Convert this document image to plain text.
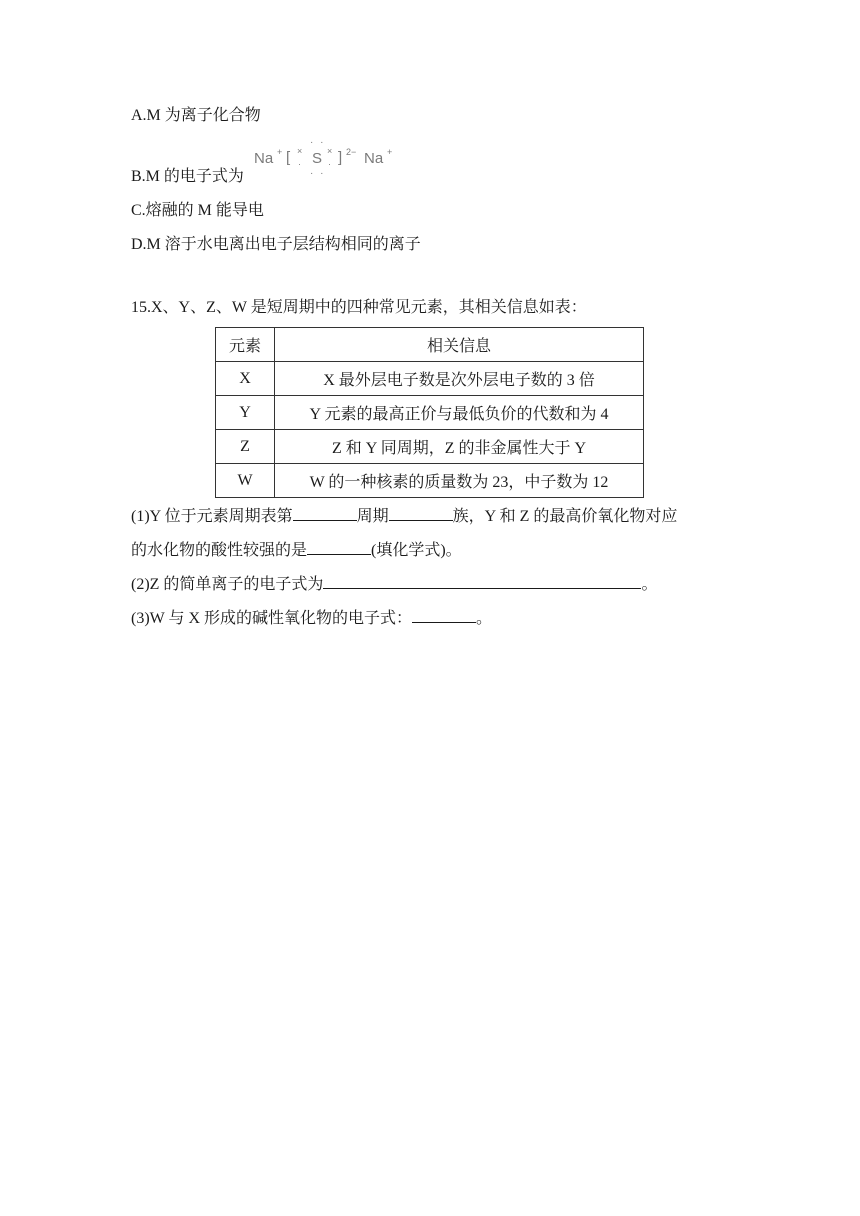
A.M 为离子化合物
Na + [ ×
·
· ·
S
· ·
×
· ] 2− Na +
B.M 的电子式为
C.熔融的 M 能导电
D.M 溶于水电离出电子层结构相同的离子
15.X、Y、Z、W 是短周期中的四种常见元素，其相关信息如表：
元素	相关信息
X	X 最外层电子数是次外层电子数的 3 倍
Y	Y 元素的最高正价与最低负价的代数和为 4
Z	Z 和 Y 同周期，Z 的非金属性大于 Y
W	W 的一种核素的质量数为 23，中子数为 12
(1)Y 位于元素周期表第	周期	族，Y 和 Z 的最高价氧化物对应
的水化物的酸性较强的是	(填化学式)。
(2)Z 的简单离子的电子式为	。
(3)W 与 X 形成的碱性氧化物的电子式：	。
